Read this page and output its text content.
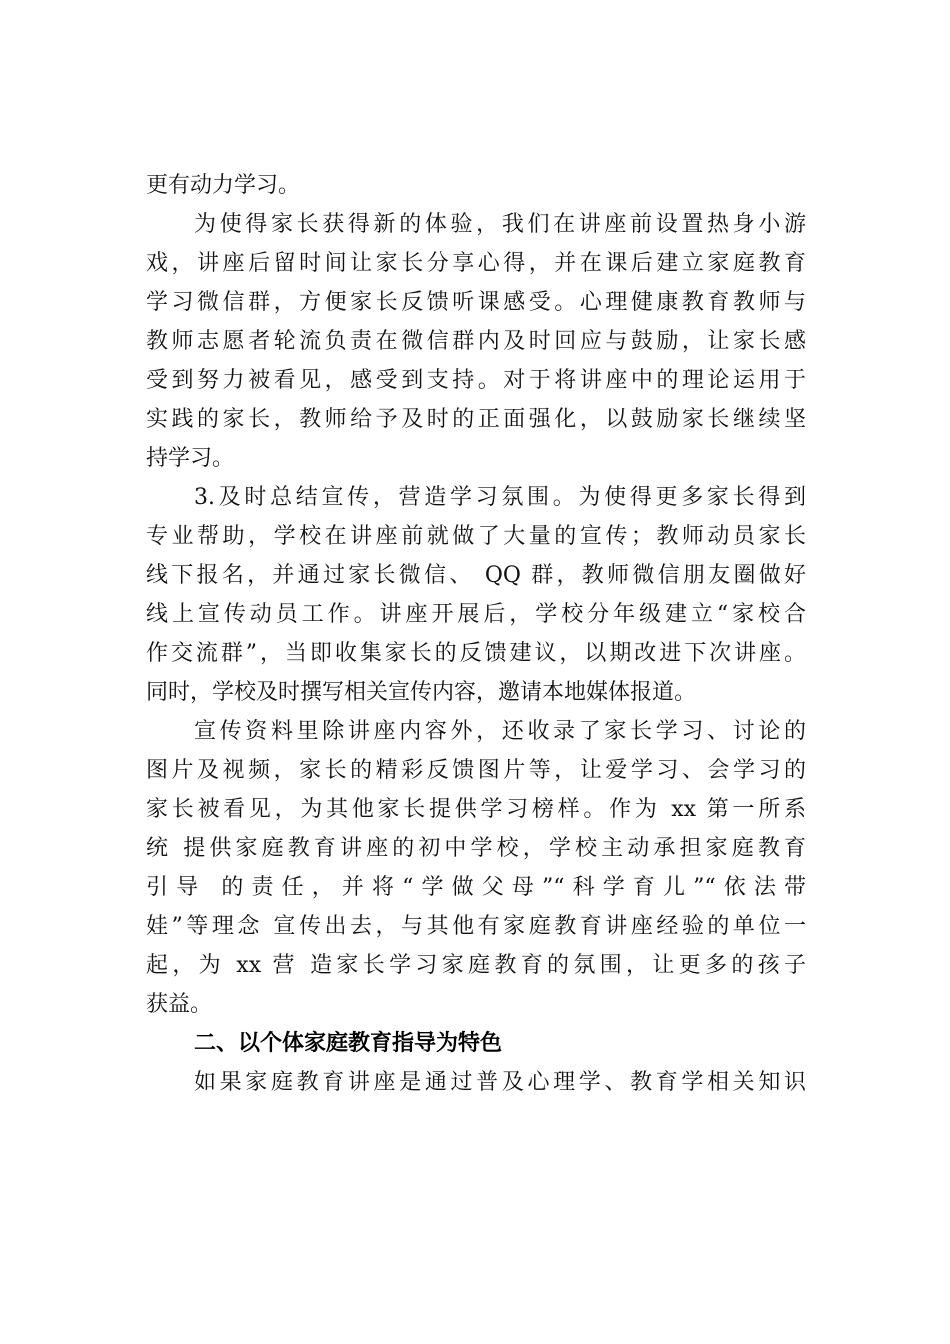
更有动力学习。
为使得家长获得新的体验，我们在讲座前设置热身小游
戏，讲座后留时间让家长分享心得，并在课后建立家庭教育
学习微信群，方便家长反馈听课感受。心理健康教育教师与
教师志愿者轮流负责在微信群内及时回应与鼓励，让家长感
受到努力被看见，感受到支持。对于将讲座中的理论运用于
实践的家长，教师给予及时的正面强化，以鼓励家长继续坚
持学习。
3.及时总结宣传，营造学习氛围。为使得更多家长得到
专业帮助，学校在讲座前就做了大量的宣传；教师动员家长
线下报名，并通过家长微信、 QQ 群，教师微信朋友圈做好
线上宣传动员工作。讲座开展后，学校分年级建立“家校合
作交流群”，当即收集家长的反馈建议，以期改进下次讲座。
同时，学校及时撰写相关宣传内容，邀请本地媒体报道。
宣传资料里除讲座内容外，还收录了家长学习、讨论的
图片及视频，家长的精彩反馈图片等，让爱学习、会学习的
家长被看见，为其他家长提供学习榜样。作为 xx 第一所系
统 提供家庭教育讲座的初中学校，学校主动承担家庭教育
引导 的责任，并将“学做父母”“科学育儿”“依法带
娃”等理念 宣传出去，与其他有家庭教育讲座经验的单位一
起，为 xx 营 造家长学习家庭教育的氛围，让更多的孩子
获益。
二、以个体家庭教育指导为特色
如果家庭教育讲座是通过普及心理学、教育学相关知识
